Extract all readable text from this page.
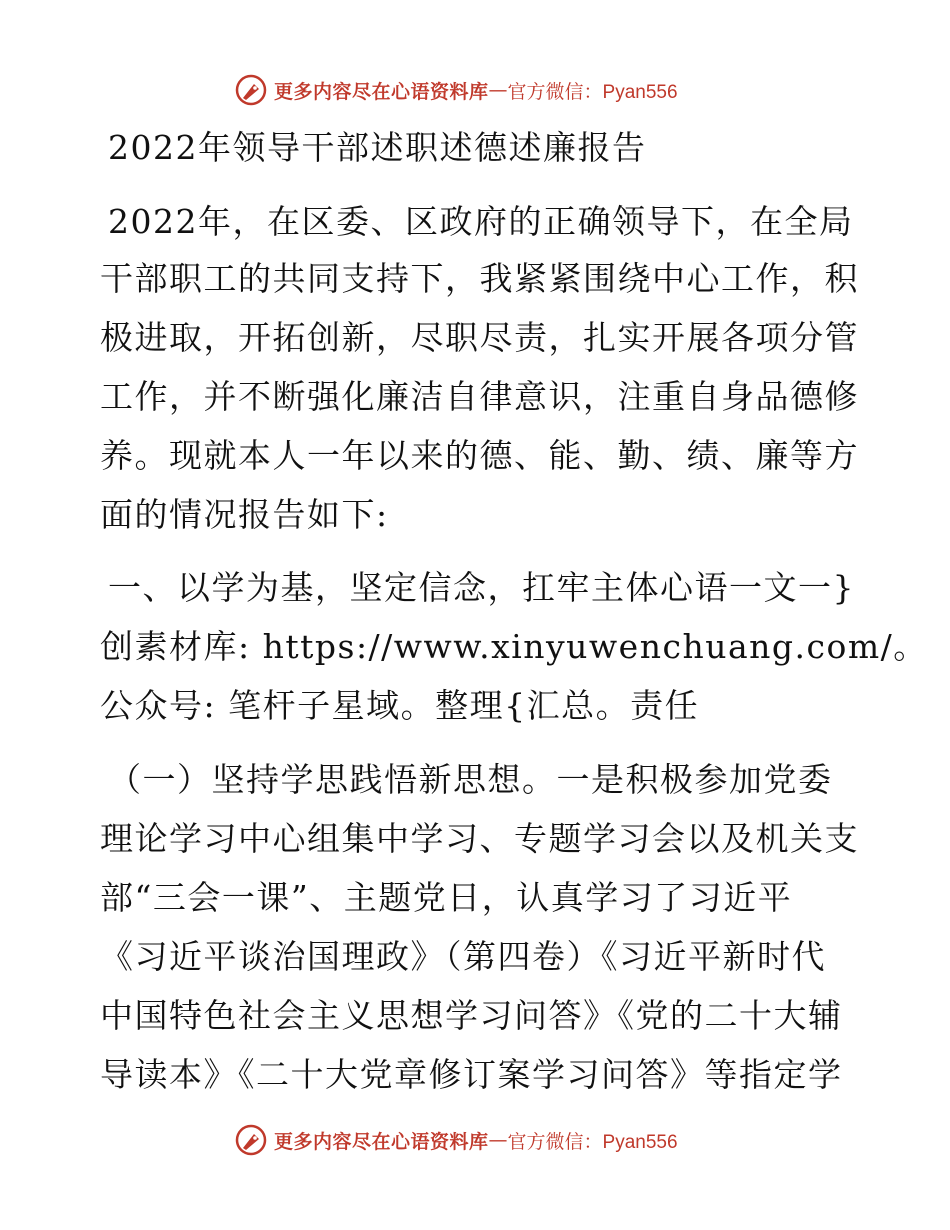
更多内容尽在心语资料库 — 官方微信：Pyan556
2022年领导干部述职述德述廉报告
2022年，在区委、区政府的正确领导下，在全局
干部职工的共同支持下，我紧紧围绕中心工作，积
极进取，开拓创新，尽职尽责，扎实开展各项分管
工作，并不断强化廉洁自律意识，注重自身品德修
养。现就本人一年以来的德、能、勤、绩、廉等方
面的情况报告如下:
一、以学为基，坚定信念，扛牢主体心语一文一}
创素材库: https://www.xinyuwenchuang.com/。
公众号: 笔杆子星域。整理{汇总。责任
（一）坚持学思践悟新思想。一是积极参加党委
理论学习中心组集中学习、专题学习会以及机关支
部“三会一课”、主题党日，认真学习了习近平
《习近平谈治国理政》（第四卷）《习近平新时代
中国特色社会主义思想学习问答》《党的二十大辅
导读本》《二十大党章修订案学习问答》等指定学
更多内容尽在心语资料库 — 官方微信：Pyan556
